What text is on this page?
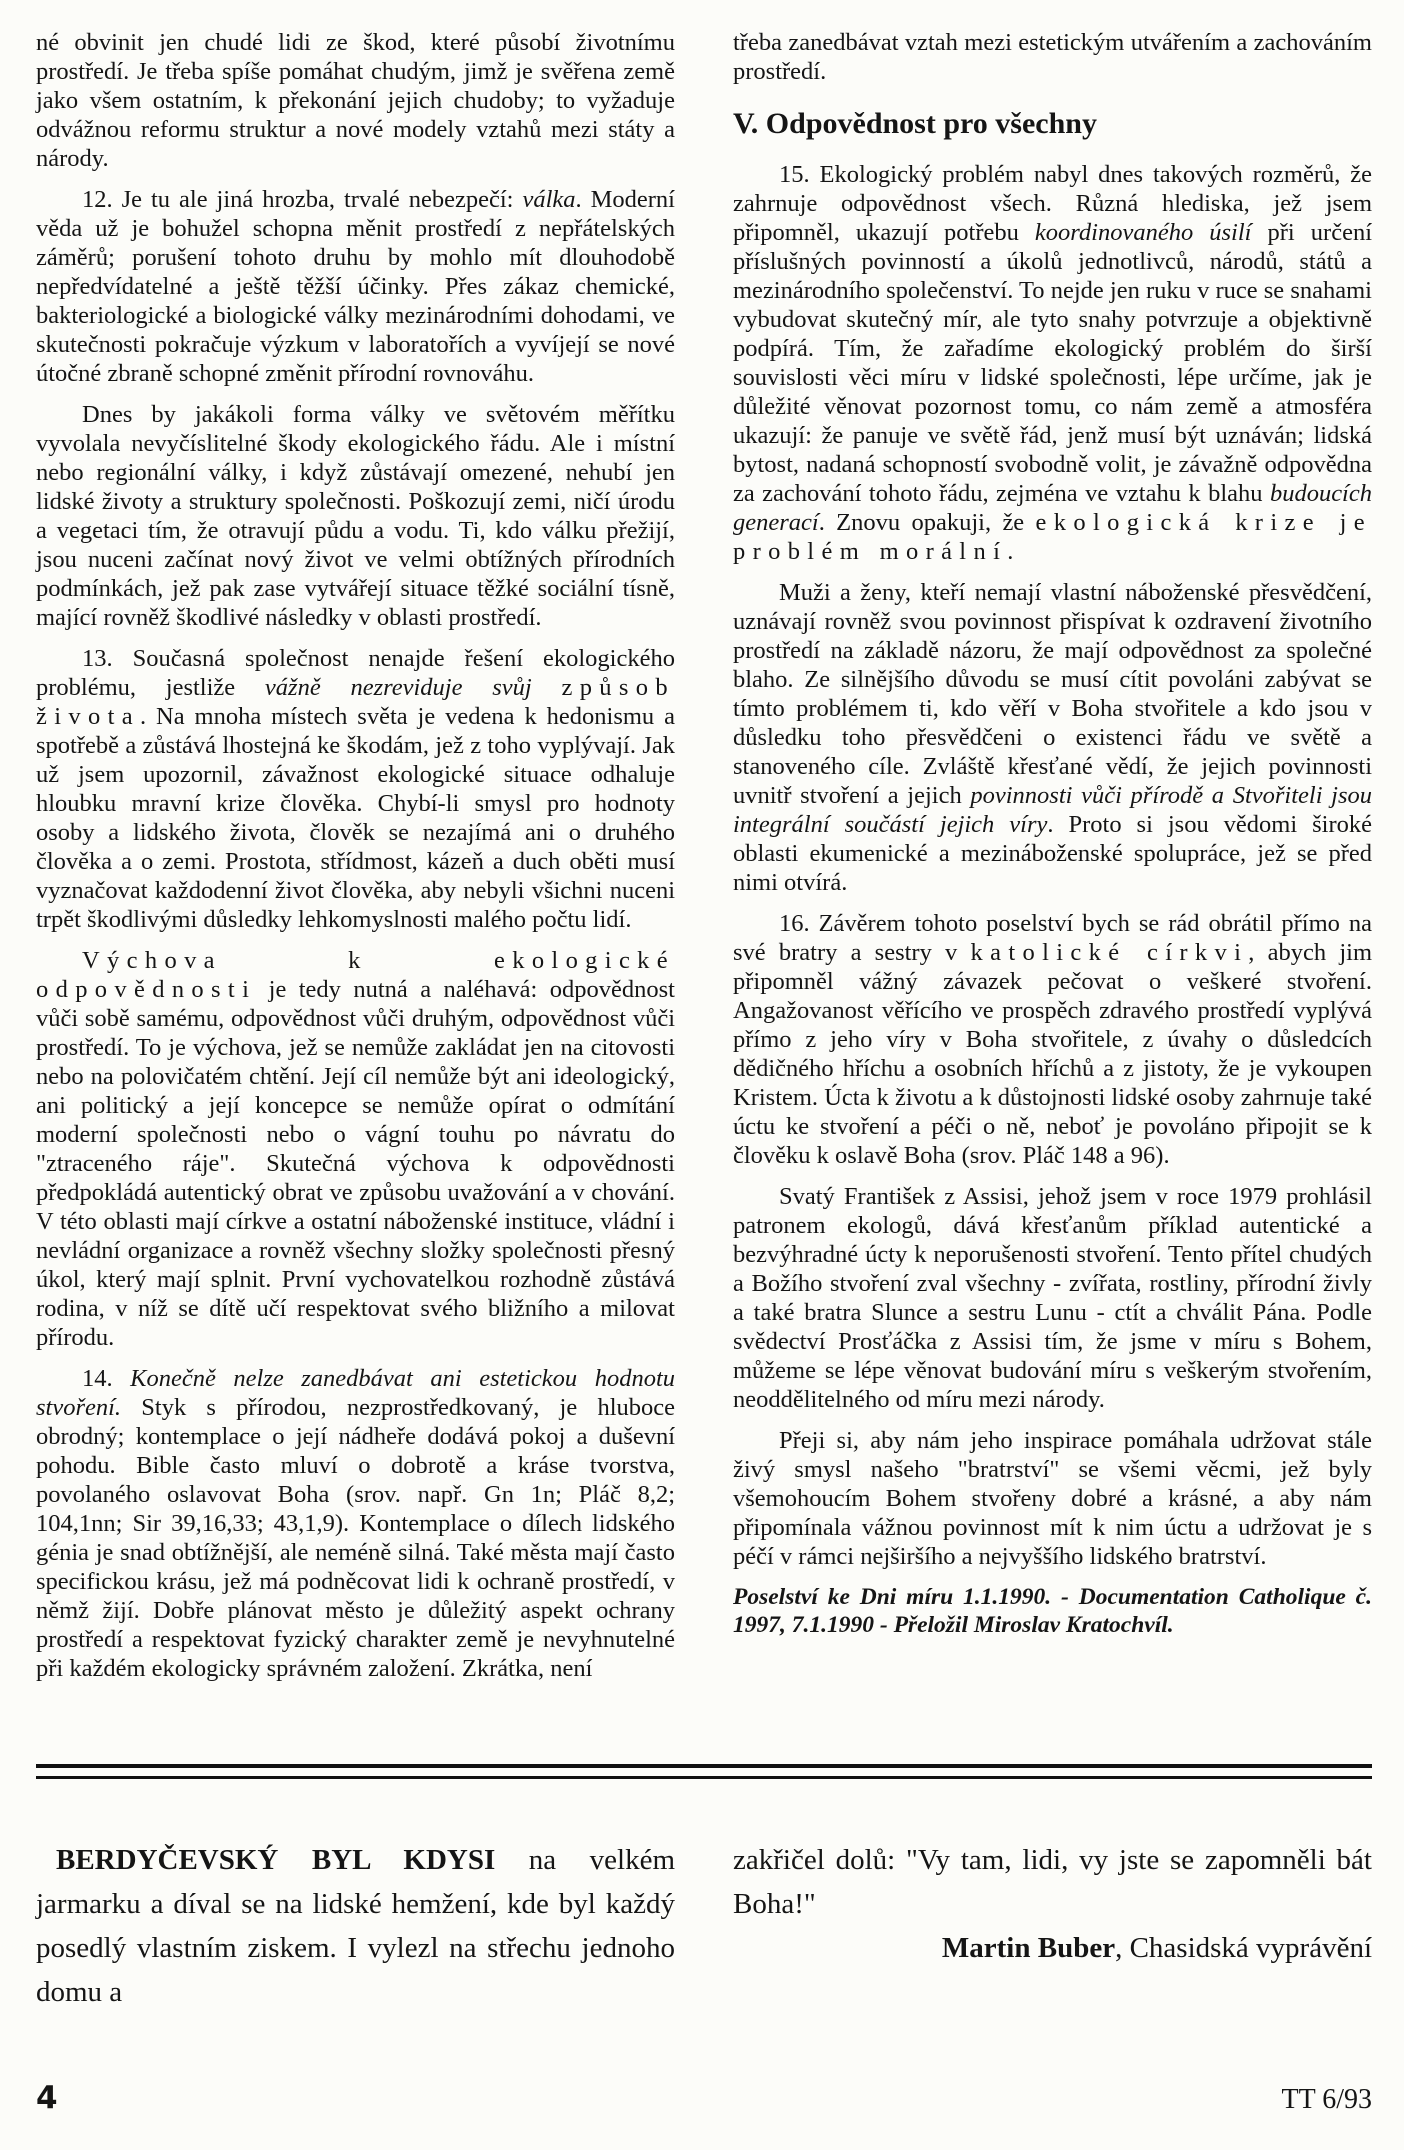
né obvinit jen chudé lidi ze škod, které působí životnímu prostředí. Je třeba spíše pomáhat chudým, jimž je svěřena země jako všem ostatním, k překonání jejich chudoby; to vyžaduje odvážnou reformu struktur a nové modely vztahů mezi státy a národy.

12. Je tu ale jiná hrozba, trvalé nebezpečí: válka. Moderní věda už je bohužel schopna měnit prostředí z nepřátelských záměrů; porušení tohoto druhu by mohlo mít dlouhodobě nepředvídatelné a ještě těžší účinky. Přes zákaz chemické, bakteriologické a biologické války mezinárodními dohodami, ve skutečnosti pokračuje výzkum v laboratořích a vyvíjejí se nové útočné zbraně schopné změnit přírodní rovnováhu.

Dnes by jakákoli forma války ve světovém měřítku vyvolala nevyčíslitelné škody ekologického řádu. Ale i místní nebo regionální války, i když zůstávají omezené, nehubí jen lidské životy a struktury společnosti. Poškozují zemi, ničí úrodu a vegetaci tím, že otravují půdu a vodu. Ti, kdo válku přežijí, jsou nuceni začínat nový život ve velmi obtížných přírodních podmínkách, jež pak zase vytvářejí situace těžké sociální tísně, mající rovněž škodlivé následky v oblasti prostředí.

13. Současná společnost nenajde řešení ekologického problému, jestliže vážně nezreviduje svůj způsob života. Na mnoha místech světa je vedena k hedonismu a spotřebě a zůstává lhostejná ke škodám, jež z toho vyplývají. Jak už jsem upozornil, závažnost ekologické situace odhaluje hloubku mravní krize člověka. Chybí-li smysl pro hodnoty osoby a lidského života, člověk se nezajímá ani o druhého člověka a o zemi. Prostota, střídmost, kázeň a duch oběti musí vyznačovat každodenní život člověka, aby nebyli všichni nuceni trpět škodlivými důsledky lehkomyslnosti malého počtu lidí.

Výchova k ekologické odpovědnosti je tedy nutná a naléhavá: odpovědnost vůči sobě samému, odpovědnost vůči druhým, odpovědnost vůči prostředí. To je výchova, jež se nemůže zakládat jen na citovosti nebo na polovičatém chtění. Její cíl nemůže být ani ideologický, ani politický a její koncepce se nemůže opírat o odmítání moderní společnosti nebo o vágní touhu po návratu do "ztraceného ráje". Skutečná výchova k odpovědnosti předpokládá autentický obrat ve způsobu uvažování a v chování. V této oblasti mají církve a ostatní náboženské instituce, vládní i nevládní organizace a rovněž všechny složky společnosti přesný úkol, který mají splnit. První vychovatelkou rozhodně zůstává rodina, v níž se dítě učí respektovat svého bližního a milovat přírodu.

14. Konečně nelze zanedbávat ani estetickou hodnotu stvoření. Styk s přírodou, nezprostředkovaný, je hluboce obrodný; kontemplace o její nádheře dodává pokoj a duševní pohodu. Bible často mluví o dobrotě a kráse tvorstva, povolaného oslavovat Boha (srov. např. Gn 1n; Pláč 8,2; 104,1nn; Sir 39,16,33; 43,1,9). Kontemplace o dílech lidského génia je snad obtížnější, ale neméně silná. Také města mají často specifickou krásu, jež má podněcovat lidi k ochraně prostředí, v němž žijí. Dobře plánovat město je důležitý aspekt ochrany prostředí a respektovat fyzický charakter země je nevyhnutelné při každém ekologicky správném založení. Zkrátka, není

třeba zanedbávat vztah mezi estetickým utvářením a zachováním prostředí.

V. Odpovědnost pro všechny

15. Ekologický problém nabyl dnes takových rozměrů, že zahrnuje odpovědnost všech. Různá hlediska, jež jsem připomněl, ukazují potřebu koordinovaného úsilí při určení příslušných povinností a úkolů jednotlivců, národů, států a mezinárodního společenství. To nejde jen ruku v ruce se snahami vybudovat skutečný mír, ale tyto snahy potvrzuje a objektivně podpírá. Tím, že zařadíme ekologický problém do širší souvislosti věci míru v lidské společnosti, lépe určíme, jak je důležité věnovat pozornost tomu, co nám země a atmosféra ukazují: že panuje ve světě řád, jenž musí být uznáván; lidská bytost, nadaná schopností svobodně volit, je závažně odpovědna za zachování tohoto řádu, zejména ve vztahu k blahu budoucích generací. Znovu opakuji, že ekologická krize je problém morální.

Muži a ženy, kteří nemají vlastní náboženské přesvědčení, uznávají rovněž svou povinnost přispívat k ozdravení životního prostředí na základě názoru, že mají odpovědnost za společné blaho. Ze silnějšího důvodu se musí cítit povoláni zabývat se tímto problémem ti, kdo věří v Boha stvořitele a kdo jsou v důsledku toho přesvědčeni o existenci řádu ve světě a stanoveného cíle. Zvláště křesťané vědí, že jejich povinnosti uvnitř stvoření a jejich povinnosti vůči přírodě a Stvořiteli jsou integrální součástí jejich víry. Proto si jsou vědomi široké oblasti ekumenické a mezináboženské spolupráce, jež se před nimi otvírá.

16. Závěrem tohoto poselství bych se rád obrátil přímo na své bratry a sestry v katolické církvi, abych jim připomněl vážný závazek pečovat o veškeré stvoření. Angažovanost věřícího ve prospěch zdravého prostředí vyplývá přímo z jeho víry v Boha stvořitele, z úvahy o důsledcích dědičného hříchu a osobních hříchů a z jistoty, že je vykoupen Kristem. Úcta k životu a k důstojnosti lidské osoby zahrnuje také úctu ke stvoření a péči o ně, neboť je povoláno připojit se k člověku k oslavě Boha (srov. Pláč 148 a 96).

Svatý František z Assisi, jehož jsem v roce 1979 prohlásil patronem ekologů, dává křesťanům příklad autentické a bezvýhradné úcty k neporušenosti stvoření. Tento přítel chudých a Božího stvoření zval všechny - zvířata, rostliny, přírodní živly a také bratra Slunce a sestru Lunu - ctít a chválit Pána. Podle svědectví Prosťáčka z Assisi tím, že jsme v míru s Bohem, můžeme se lépe věnovat budování míru s veškerým stvořením, neoddělitelného od míru mezi národy.

Přeji si, aby nám jeho inspirace pomáhala udržovat stále živý smysl našeho "bratrství" se všemi věcmi, jež byly všemohoucím Bohem stvořeny dobré a krásné, a aby nám připomínala vážnou povinnost mít k nim úctu a udržovat je s péčí v rámci nejširšího a nejvyššího lidského bratrství.

Poselství ke Dni míru 1.1.1990. - Documentation Catholique č. 1997, 7.1.1990 - Přeložil Miroslav Kratochvíl.

BERDYČEVSKÝ BYL KDYSI na velkém jarmarku a díval se na lidské hemžení, kde byl každý posedlý vlastním ziskem. I vylezl na střechu jednoho domu a

zakřičel dolů: "Vy tam, lidi, vy jste se zapomněli bát Boha!"

Martin Buber, Chasidská vyprávění

4	TT 6/93
